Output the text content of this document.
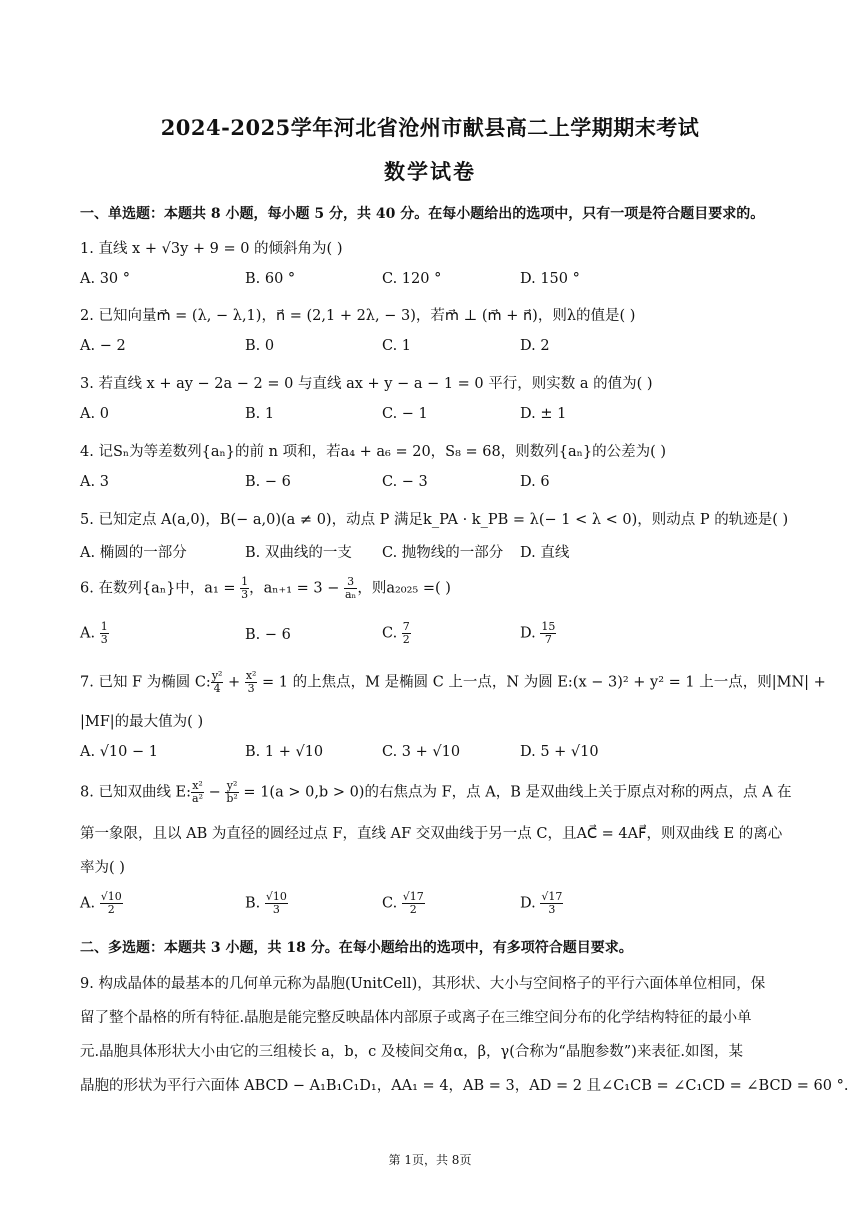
2024-2025学年河北省沧州市献县高二上学期期末考试
数学试卷
一、单选题：本题共 8 小题，每小题 5 分，共 40 分。在每小题给出的选项中，只有一项是符合题目要求的。
1. 直线 x + √3y + 9 = 0 的倾斜角为( )
A. 30 °	B. 60 °	C. 120 °	D. 150 °
2. 已知向量m⃗ = (λ, − λ,1)，n⃗ = (2,1 + 2λ, − 3)，若m⃗ ⊥ (m⃗ + n⃗)，则λ的值是( )
A. − 2	B. 0	C. 1	D. 2
3. 若直线 x + ay − 2a − 2 = 0 与直线 ax + y − a − 1 = 0 平行，则实数 a 的值为( )
A. 0	B. 1	C. − 1	D. ± 1
4. 记Sₙ为等差数列{aₙ}的前 n 项和，若a₄ + a₆ = 20，S₈ = 68，则数列{aₙ}的公差为( )
A. 3	B. − 6	C. − 3	D. 6
5. 已知定点 A(a,0)，B(− a,0)(a ≠ 0)，动点 P 满足k_PA · k_PB = λ(− 1 < λ < 0)，则动点 P 的轨迹是( )
A. 椭圆的一部分	B. 双曲线的一支 C. 抛物线的一部分 D. 直线
6. 在数列{aₙ}中，$a_1 = \frac{1}{3}$ ，$a_{n+1} = 3 - \frac{3}{\text{aₙ}}$ ，则a₂₀₂₅ =( )
A. $\frac{1}{3}$	B. − 6	C. $\frac{7}{2}$	D. $\frac{15}{7}$
7. 已知 F 为椭圆 C: $\frac{\text{y²}}{4} + \frac{\text{x²}}{3} = 1$ 的上焦点，M 是椭圆 C 上一点，N 为圆 E:(x − 3)² + y² = 1 上一点，则|MN| +
|MF|的最大值为( )
A. √10 − 1	B. 1 + √10	C. 3 + √10	D. 5 + √10
8. 已知双曲线 E: $\frac{\text{x²}}{\text{a²}} - \frac{\text{y²}}{\text{b²}} = 1(a > 0,b > 0)$的右焦点为 F，点 A，B 是双曲线上关于原点对称的两点，点 A 在
第一象限，且以 AB 为直径的圆经过点 F，直线 AF 交双曲线于另一点 C，且AC⃗ = 4AF⃗，则双曲线 E 的离心
率为( )
A. $\frac{√10}{2}$	B. $\frac{√10}{3}$	C. $\frac{√17}{2}$	D. $\frac{√17}{3}$
二、多选题：本题共 3 小题，共 18 分。在每小题给出的选项中，有多项符合题目要求。
9. 构成晶体的最基本的几何单元称为晶胞(UnitCell)，其形状、大小与空间格子的平行六面体单位相同，保
留了整个晶格的所有特征.晶胞是能完整反映晶体内部原子或离子在三维空间分布的化学结构特征的最小单
元.晶胞具体形状大小由它的三组棱长 a，b，c 及棱间交角α，β，γ(合称为“晶胞参数”)来表征.如图，某
晶胞的形状为平行六面体 ABCD − A₁B₁C₁D₁，AA₁ = 4，AB = 3，AD = 2 且∠C₁CB = ∠C₁CD = ∠BCD = 60 °.
第 1页，共 8页
